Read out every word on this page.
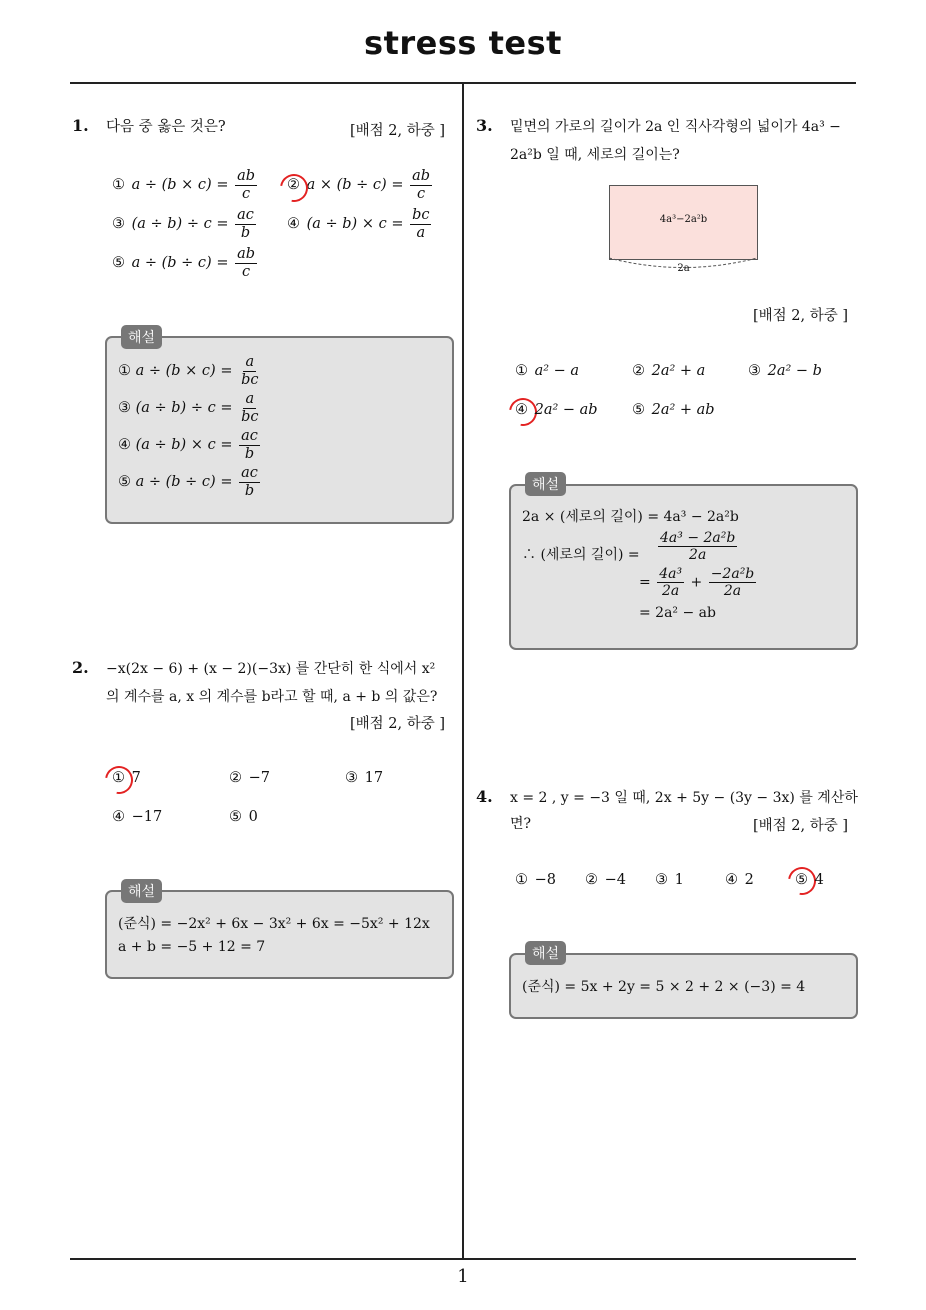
stress test
1
1. 다음 중 옳은 것은?	[배점 2, 하중 ]
① $a \div (b \times c) = \frac{ab}{c}$ ② $a \times (b \div c) = \frac{ab}{c}$
③ $(a \div b) \div c = \frac{ac}{b}$ ④ $(a \div b) \times c = \frac{bc}{a}$
⑤ $a \div (b \div c) = \frac{ab}{c}$
해설
① $a \div (b \times c) = \frac{a}{bc}$
③ $(a \div b) \div c = \frac{a}{bc}$
④ $(a \div b) \times c = \frac{ac}{b}$
⑤ $a \div (b \div c) = \frac{ac}{b}$
2. −x(2x − 6) + (x − 2)(−3x) 를 간단히 한 식에서 x²
의 계수를 a, x 의 계수를 b라고 할 때, a + b 의 값은?
[배점 2, 하중 ]
① 7	② −7	③ 17
④ −17	⑤ 0
해설
(준식) = −2x² + 6x − 3x² + 6x = −5x² + 12x
a + b = −5 + 12 = 7
3. 밑면의 가로의 길이가 2a 인 직사각형의 넓이가 4a³ −
2a²b 일 때, 세로의 길이는?
4a³−2a²b
2a
[배점 2, 하중 ]
① a² − a	② 2a² + a	③ 2a² − b
④ 2a² − ab ⑤ 2a² + ab
해설
2a × (세로의 길이) = 4a³ − 2a²b
∴ (세로의 길이) = $\frac{\text{4a³ − 2a²b}}{2a}$
= $\frac{\text{4a³}}{2a} + \frac{\text{−2a²b}}{2a}$
= 2a² − ab
4. x = 2 , y = −3 일 때, 2x + 5y − (3y − 3x) 를 계산하
면?	[배점 2, 하중 ]
① −8 ② −4 ③ 1	④ 2	⑤ 4
해설
(준식) = 5x + 2y = 5 × 2 + 2 × (−3) = 4
